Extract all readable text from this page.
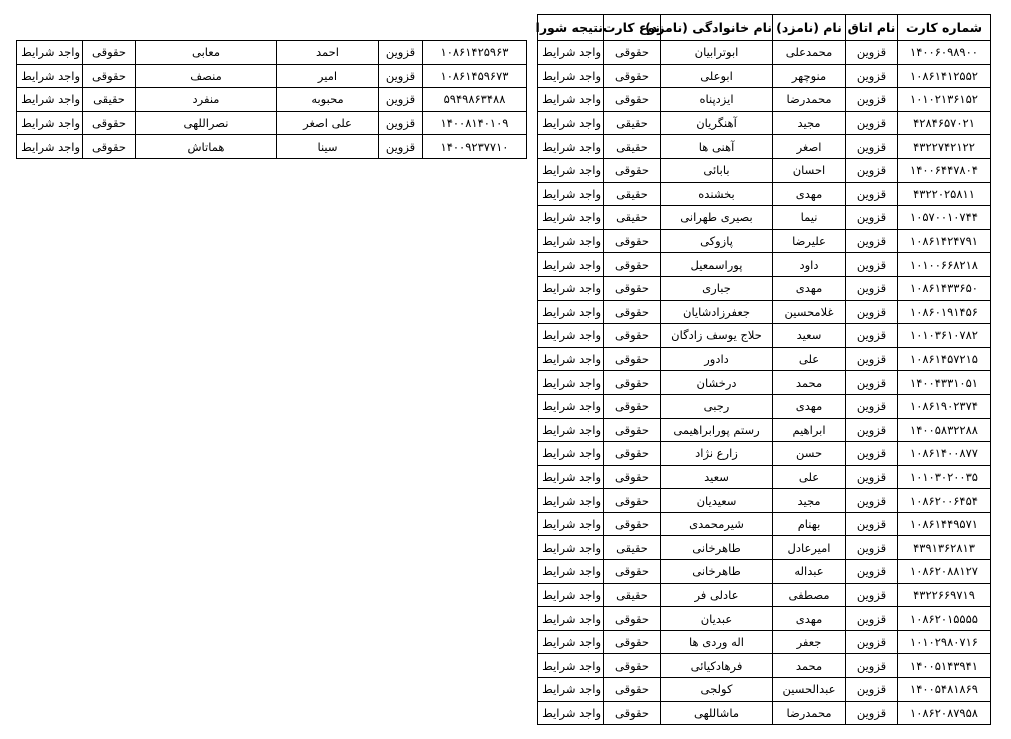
شماره کارت	نام اتاق	نام (نامزد)	نام خانوادگی (نامزد)	نوع کارت	نتیجه شورا
۱۴۰۰۶۰۹۸۹۰۰	قزوین	محمدعلی	ابوترابیان	حقوقی	واجد شرایط
۱۰۸۶۱۴۱۲۵۵۲	قزوین	منوچهر	ابوعلی	حقوقی	واجد شرایط
۱۰۱۰۲۱۳۶۱۵۲	قزوین	محمدرضا	ایزدپناه	حقوقی	واجد شرایط
۴۲۸۴۶۵۷۰۲۱	قزوین	مجید	آهنگریان	حقیقی	واجد شرایط
۴۳۲۲۷۴۲۱۲۲	قزوین	اصغر	آهنی ها	حقیقی	واجد شرایط
۱۴۰۰۶۴۴۷۸۰۴	قزوین	احسان	بابائی	حقوقی	واجد شرایط
۴۳۲۲۰۲۵۸۱۱	قزوین	مهدی	بخشنده	حقیقی	واجد شرایط
۱۰۵۷۰۰۱۰۷۴۴	قزوین	نیما	بصیری طهرانی	حقیقی	واجد شرایط
۱۰۸۶۱۴۲۴۷۹۱	قزوین	علیرضا	پازوکی	حقوقی	واجد شرایط
۱۰۱۰۰۶۶۸۲۱۸	قزوین	داود	پوراسمعیل	حقوقی	واجد شرایط
۱۰۸۶۱۴۳۳۶۵۰	قزوین	مهدی	جباری	حقوقی	واجد شرایط
۱۰۸۶۰۱۹۱۴۵۶	قزوین	غلامحسین	جعفرزادشایان	حقوقی	واجد شرایط
۱۰۱۰۳۶۱۰۷۸۲	قزوین	سعید	حلاج یوسف زادگان	حقوقی	واجد شرایط
۱۰۸۶۱۴۵۷۲۱۵	قزوین	علی	دادور	حقوقی	واجد شرایط
۱۴۰۰۴۳۳۱۰۵۱	قزوین	محمد	درخشان	حقوقی	واجد شرایط
۱۰۸۶۱۹۰۲۳۷۴	قزوین	مهدی	رجبی	حقوقی	واجد شرایط
۱۴۰۰۵۸۳۲۲۸۸	قزوین	ابراهیم	رستم پورابراهیمی	حقوقی	واجد شرایط
۱۰۸۶۱۴۰۰۸۷۷	قزوین	حسن	زارع نژاد	حقوقی	واجد شرایط
۱۰۱۰۳۰۲۰۰۳۵	قزوین	علی	سعید	حقوقی	واجد شرایط
۱۰۸۶۲۰۰۶۴۵۴	قزوین	مجید	سعیدیان	حقوقی	واجد شرایط
۱۰۸۶۱۴۴۹۵۷۱	قزوین	بهنام	شیرمحمدی	حقوقی	واجد شرایط
۴۳۹۱۳۶۲۸۱۳	قزوین	امیرعادل	طاهرخانی	حقیقی	واجد شرایط
۱۰۸۶۲۰۸۸۱۲۷	قزوین	عبداله	طاهرخانی	حقوقی	واجد شرایط
۴۳۲۲۶۶۹۷۱۹	قزوین	مصطفی	عادلی فر	حقیقی	واجد شرایط
۱۰۸۶۲۰۱۵۵۵۵	قزوین	مهدی	عبدیان	حقوقی	واجد شرایط
۱۰۱۰۲۹۸۰۷۱۶	قزوین	جعفر	اله وردی ها	حقوقی	واجد شرایط
۱۴۰۰۵۱۴۳۹۴۱	قزوین	محمد	فرهادکیائی	حقوقی	واجد شرایط
۱۴۰۰۵۴۸۱۸۶۹	قزوین	عبدالحسین	کولجی	حقوقی	واجد شرایط
۱۰۸۶۲۰۸۷۹۵۸	قزوین	محمدرضا	ماشاللهی	حقوقی	واجد شرایط
۱۰۸۶۱۴۲۵۹۶۳	قزوین	احمد	معابی	حقوقی	واجد شرایط
۱۰۸۶۱۴۵۹۶۷۳	قزوین	امیر	منصف	حقوقی	واجد شرایط
۵۹۴۹۸۶۳۴۸۸	قزوین	محبوبه	منفرد	حقیقی	واجد شرایط
۱۴۰۰۸۱۴۰۱۰۹	قزوین	علی اصغر	نصراللهی	حقوقی	واجد شرایط
۱۴۰۰۹۲۳۷۷۱۰	قزوین	سینا	هماتاش	حقوقی	واجد شرایط
